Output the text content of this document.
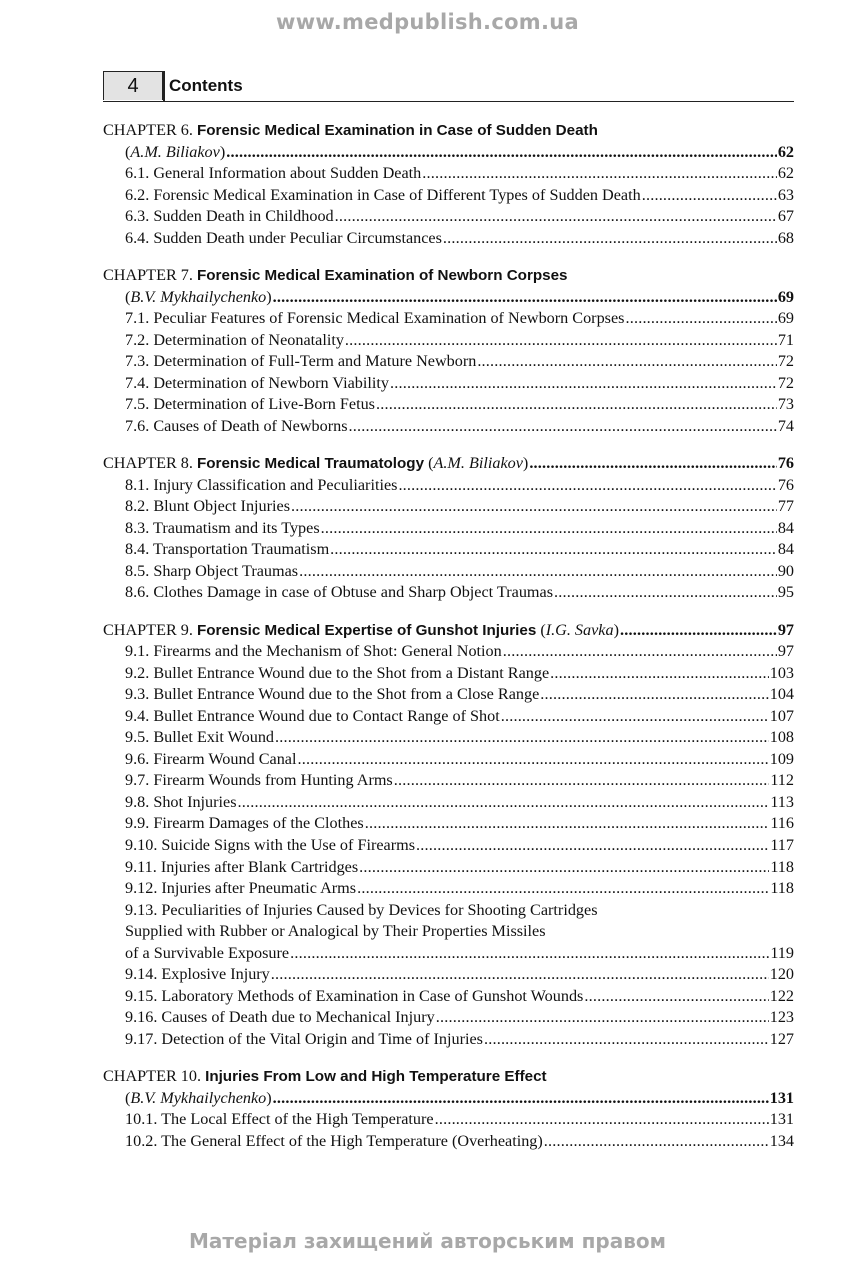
www.medpublish.com.ua
4	Contents
CHAPTER 6. Forensic Medical Examination in Case of Sudden Death
(A.M. Biliakov) .....	62
6.1. General Information about Sudden Death .....	62
6.2. Forensic Medical Examination in Case of Different Types of Sudden Death .....	63
6.3. Sudden Death in Childhood .....	67
6.4. Sudden Death under Peculiar Circumstances .....	68
CHAPTER 7. Forensic Medical Examination of Newborn Corpses
(B.V. Mykhailychenko) .....	69
7.1. Peculiar Features of Forensic Medical Examination of Newborn Corpses .....	69
7.2. Determination of Neonatality .....	71
7.3. Determination of Full-Term and Mature Newborn .....	72
7.4. Determination of Newborn Viability .....	72
7.5. Determination of Live-Born Fetus .....	73
7.6. Causes of Death of Newborns .....	74
CHAPTER 8. Forensic Medical Traumatology (A.M. Biliakov) .....	76
8.1. Injury Classification and Peculiarities .....	76
8.2. Blunt Object Injuries .....	77
8.3. Traumatism and its Types .....	84
8.4. Transportation Traumatism .....	84
8.5. Sharp Object Traumas .....	90
8.6. Clothes Damage in case of Obtuse and Sharp Object Traumas .....	95
CHAPTER 9. Forensic Medical Expertise of Gunshot Injuries (I.G. Savka) .....	97
9.1. Firearms and the Mechanism of Shot: General Notion .....	97
9.2. Bullet Entrance Wound due to the Shot from a Distant Range .....	103
9.3. Bullet Entrance Wound due to the Shot from a Close Range .....	104
9.4. Bullet Entrance Wound due to Contact Range of Shot .....	107
9.5. Bullet Exit Wound .....	108
9.6. Firearm Wound Canal .....	109
9.7. Firearm Wounds from Hunting Arms .....	112
9.8. Shot Injuries .....	113
9.9. Firearm Damages of the Clothes .....	116
9.10. Suicide Signs with the Use of Firearms .....	117
9.11. Injuries after Blank Cartridges .....	118
9.12. Injuries after Pneumatic Arms .....	118
9.13. Peculiarities of Injuries Caused by Devices for Shooting Cartridges
Supplied with Rubber or Analogical by Their Properties Missiles
of a Survivable Exposure .....	119
9.14. Explosive Injury .....	120
9.15. Laboratory Methods of Examination in Case of Gunshot Wounds .....	122
9.16. Causes of Death due to Mechanical Injury .....	123
9.17. Detection of the Vital Origin and Time of Injuries .....	127
CHAPTER 10. Injuries From Low and High Temperature Effect
(B.V. Mykhailychenko) .....	131
10.1. The Local Effect of the High Temperature .....	131
10.2. The General Effect of the High Temperature (Overheating) .....	134
Матеріал захищений авторським правом
